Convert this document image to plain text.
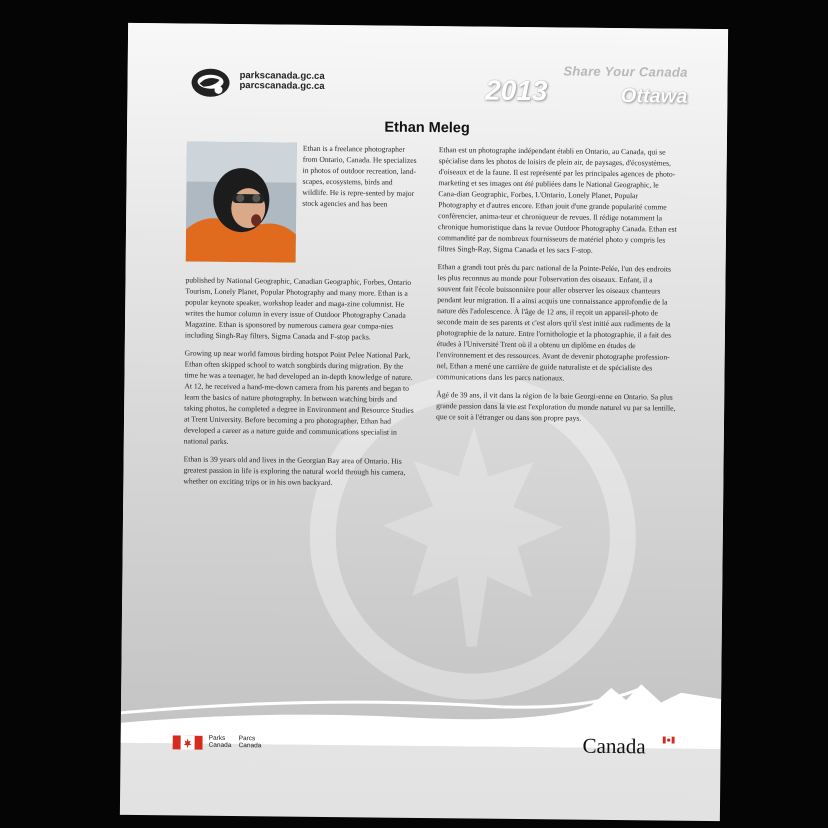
parkscanada.gc.ca
parcscanada.gc.ca
Share Your Canada
2013	Ottawa
Ethan Meleg

Ethan is a freelance photographer from Ontario, Canada. He specializes in photos of outdoor recreation, land-scapes, ecosystems, birds and wildlife. He is repre-sented by major stock agencies and has been

published by National Geographic, Canadian Geographic, Forbes, Ontario Tourism, Lonely Planet, Popular Photography and many more. Ethan is a popular keynote speaker, workshop leader and maga-zine columnist. He writes the humor column in every issue of Outdoor Photography Canada Magazine. Ethan is sponsored by numerous camera gear compa-nies including Singh-Ray filters, Sigma Canada and F-stop packs.

Growing up near world famous birding hotspot Point Pelee National Park, Ethan often skipped school to watch songbirds during migration. By the time he was a teenager, he had developed an in-depth knowledge of nature. At 12, he received a hand-me-down camera from his parents and began to learn the basics of nature photography. In between watching birds and taking photos, he completed a degree in Environment and Resource Studies at Trent University. Before becoming a pro photographer, Ethan had developed a career as a nature guide and communications specialist in national parks.

Ethan is 39 years old and lives in the Georgian Bay area of Ontario. His greatest passion in life is exploring the natural world through his camera, whether on exciting trips or in his own backyard.

Ethan est un photographe indépendant établi en Ontario, au Canada, qui se spécialise dans les photos de loisirs de plein air, de paysages, d'écosystèmes, d'oiseaux et de la faune. Il est représenté par les principales agences de photo-marketing et ses images ont été publiées dans le National Geographic, le Cana-dian Geographic, Forbes, L'Ontario, Lonely Planet, Popular Photography et d'autres encore. Ethan jouit d'une grande popularité comme conférencier, anima-teur et chroniqueur de revues. Il rédige notamment la chronique humoristique dans la revue Outdoor Photography Canada. Ethan est commandité par de nombreux fournisseurs de matériel photo y compris les filtres Singh-Ray, Sigma Canada et les sacs F-stop.

Ethan a grandi tout près du parc national de la Pointe-Pelée, l'un des endroits les plus reconnus au monde pour l'observation des oiseaux. Enfant, il a souvent fait l'école buissonnière pour aller observer les oiseaux chanteurs pendant leur migration. Il a ainsi acquis une connaissance approfondie de la nature dès l'adolescence. À l'âge de 12 ans, il reçoit un appareil-photo de seconde main de ses parents et c'est alors qu'il s'est initié aux rudiments de la photographie de la nature. Entre l'ornithologie et la photographie, il a fait des études à l'Université Trent où il a obtenu un diplôme en études de l'environnement et des ressources. Avant de devenir photographe profession-nel, Ethan a mené une carrière de guide naturaliste et de spécialiste des communications dans les parcs nationaux.

Âgé de 39 ans, il vit dans la région de la baie Georgi-enne en Ontario. Sa plus grande passion dans la vie est l'exploration du monde naturel vu par sa lentille, que ce soit à l'étranger ou dans son propre pays.

Parks
Canada
Parcs
Canada	Canada
